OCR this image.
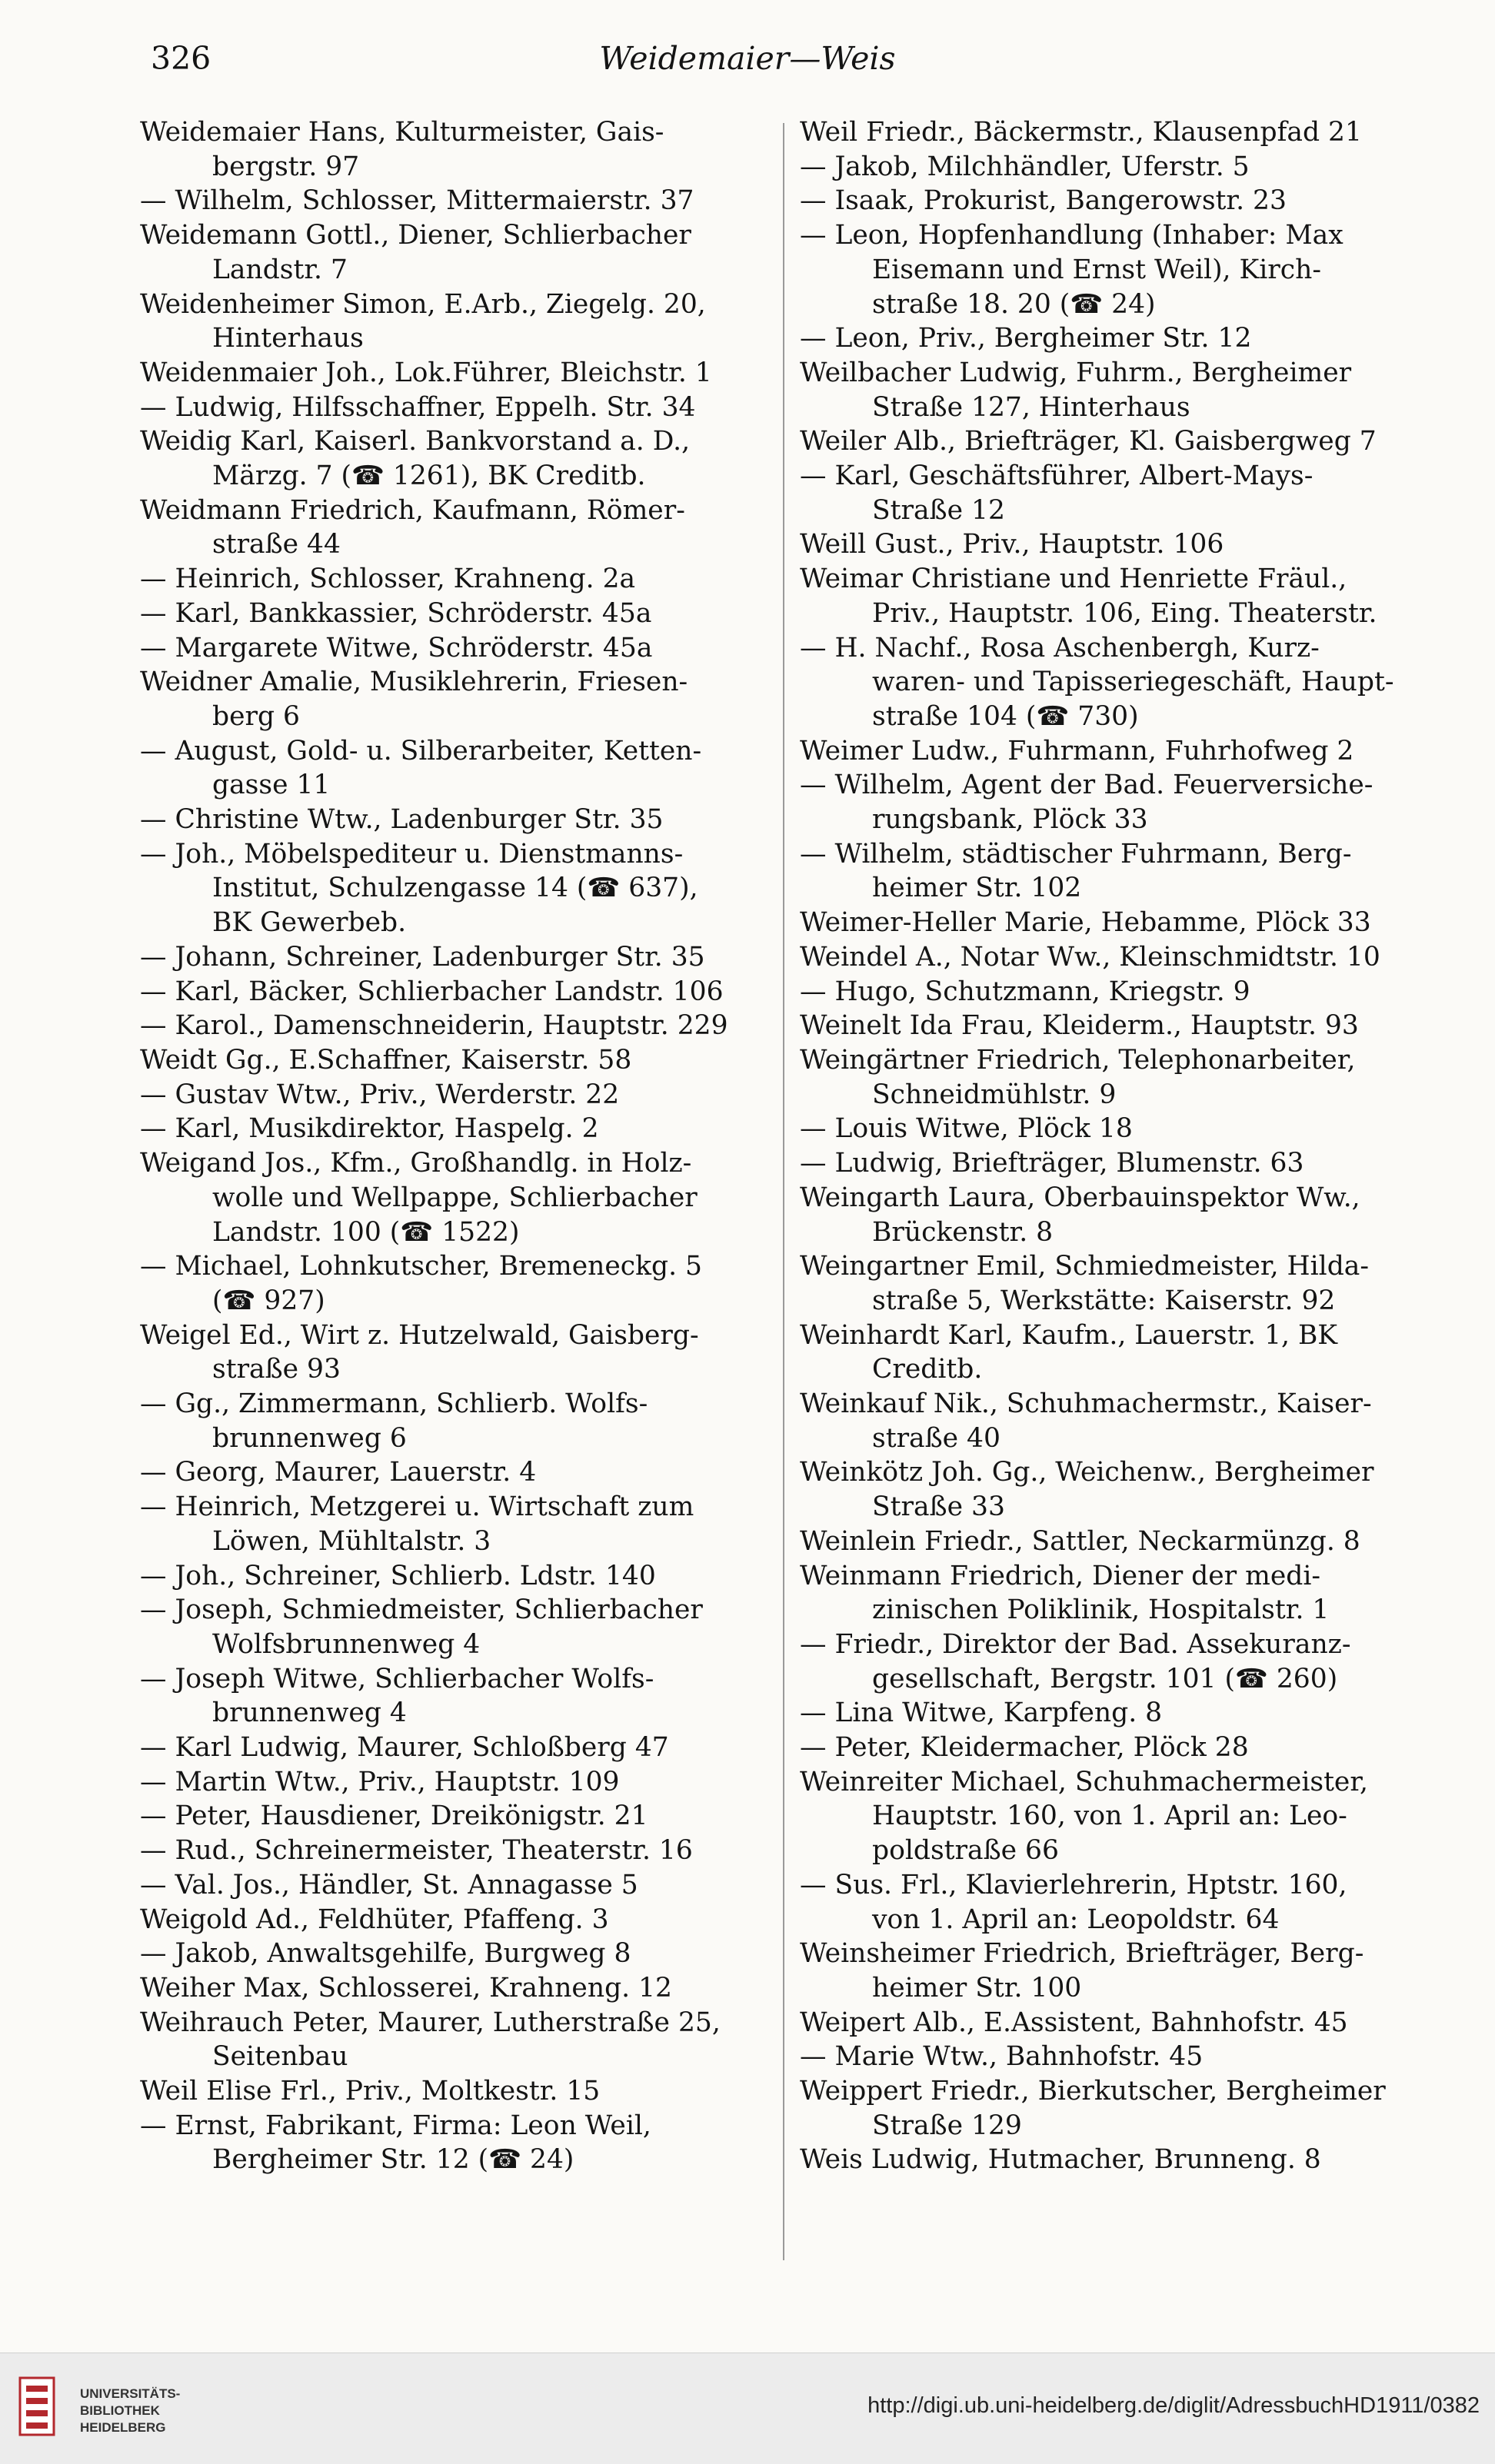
326	Weidemaier—Weis
Weidemaier Hans, Kulturmeister, Gais-
bergstr. 97
— Wilhelm, Schlosser, Mittermaierstr. 37
Weidemann Gottl., Diener, Schlierbacher
Landstr. 7
Weidenheimer Simon, E.Arb., Ziegelg. 20,
Hinterhaus
Weidenmaier Joh., Lok.Führer, Bleichstr. 1
— Ludwig, Hilfsschaffner, Eppelh. Str. 34
Weidig Karl, Kaiserl. Bankvorstand a. D.,
Märzg. 7 (☎ 1261), BK Creditb.
Weidmann Friedrich, Kaufmann, Römer-
straße 44
— Heinrich, Schlosser, Krahneng. 2a
— Karl, Bankkassier, Schröderstr. 45a
— Margarete Witwe, Schröderstr. 45a
Weidner Amalie, Musiklehrerin, Friesen-
berg 6
— August, Gold- u. Silberarbeiter, Ketten-
gasse 11
— Christine Wtw., Ladenburger Str. 35
— Joh., Möbelspediteur u. Dienstmanns-
Institut, Schulzengasse 14 (☎ 637),
BK Gewerbeb.
— Johann, Schreiner, Ladenburger Str. 35
— Karl, Bäcker, Schlierbacher Landstr. 106
— Karol., Damenschneiderin, Hauptstr. 229
Weidt Gg., E.Schaffner, Kaiserstr. 58
— Gustav Wtw., Priv., Werderstr. 22
— Karl, Musikdirektor, Haspelg. 2
Weigand Jos., Kfm., Großhandlg. in Holz-
wolle und Wellpappe, Schlierbacher
Landstr. 100 (☎ 1522)
— Michael, Lohnkutscher, Bremeneckg. 5
(☎ 927)
Weigel Ed., Wirt z. Hutzelwald, Gaisberg-
straße 93
— Gg., Zimmermann, Schlierb. Wolfs-
brunnenweg 6
— Georg, Maurer, Lauerstr. 4
— Heinrich, Metzgerei u. Wirtschaft zum
Löwen, Mühltalstr. 3
— Joh., Schreiner, Schlierb. Ldstr. 140
— Joseph, Schmiedmeister, Schlierbacher
Wolfsbrunnenweg 4
— Joseph Witwe, Schlierbacher Wolfs-
brunnenweg 4
— Karl Ludwig, Maurer, Schloßberg 47
— Martin Wtw., Priv., Hauptstr. 109
— Peter, Hausdiener, Dreikönigstr. 21
— Rud., Schreinermeister, Theaterstr. 16
— Val. Jos., Händler, St. Annagasse 5
Weigold Ad., Feldhüter, Pfaffeng. 3
— Jakob, Anwaltsgehilfe, Burgweg 8
Weiher Max, Schlosserei, Krahneng. 12
Weihrauch Peter, Maurer, Lutherstraße 25,
Seitenbau
Weil Elise Frl., Priv., Moltkestr. 15
— Ernst, Fabrikant, Firma: Leon Weil,
Bergheimer Str. 12 (☎ 24)
Weil Friedr., Bäckermstr., Klausenpfad 21
— Jakob, Milchhändler, Uferstr. 5
— Isaak, Prokurist, Bangerowstr. 23
— Leon, Hopfenhandlung (Inhaber: Max
Eisemann und Ernst Weil), Kirch-
straße 18. 20 (☎ 24)
— Leon, Priv., Bergheimer Str. 12
Weilbacher Ludwig, Fuhrm., Bergheimer
Straße 127, Hinterhaus
Weiler Alb., Briefträger, Kl. Gaisbergweg 7
— Karl, Geschäftsführer, Albert-Mays-
Straße 12
Weill Gust., Priv., Hauptstr. 106
Weimar Christiane und Henriette Fräul.,
Priv., Hauptstr. 106, Eing. Theaterstr.
— H. Nachf., Rosa Aschenbergh, Kurz-
waren- und Tapisseriegeschäft, Haupt-
straße 104 (☎ 730)
Weimer Ludw., Fuhrmann, Fuhrhofweg 2
— Wilhelm, Agent der Bad. Feuerversiche-
rungsbank, Plöck 33
— Wilhelm, städtischer Fuhrmann, Berg-
heimer Str. 102
Weimer-Heller Marie, Hebamme, Plöck 33
Weindel A., Notar Ww., Kleinschmidtstr. 10
— Hugo, Schutzmann, Kriegstr. 9
Weinelt Ida Frau, Kleiderm., Hauptstr. 93
Weingärtner Friedrich, Telephonarbeiter,
Schneidmühlstr. 9
— Louis Witwe, Plöck 18
— Ludwig, Briefträger, Blumenstr. 63
Weingarth Laura, Oberbauinspektor Ww.,
Brückenstr. 8
Weingartner Emil, Schmiedmeister, Hilda-
straße 5, Werkstätte: Kaiserstr. 92
Weinhardt Karl, Kaufm., Lauerstr. 1, BK
Creditb.
Weinkauf Nik., Schuhmachermstr., Kaiser-
straße 40
Weinkötz Joh. Gg., Weichenw., Bergheimer
Straße 33
Weinlein Friedr., Sattler, Neckarmünzg. 8
Weinmann Friedrich, Diener der medi-
zinischen Poliklinik, Hospitalstr. 1
— Friedr., Direktor der Bad. Assekuranz-
gesellschaft, Bergstr. 101 (☎ 260)
— Lina Witwe, Karpfeng. 8
— Peter, Kleidermacher, Plöck 28
Weinreiter Michael, Schuhmachermeister,
Hauptstr. 160, von 1. April an: Leo-
poldstraße 66
— Sus. Frl., Klavierlehrerin, Hptstr. 160,
von 1. April an: Leopoldstr. 64
Weinsheimer Friedrich, Briefträger, Berg-
heimer Str. 100
Weipert Alb., E.Assistent, Bahnhofstr. 45
— Marie Wtw., Bahnhofstr. 45
Weippert Friedr., Bierkutscher, Bergheimer
Straße 129
Weis Ludwig, Hutmacher, Brunneng. 8
UNIVERSITÄTS-
BIBLIOTHEK
HEIDELBERG
http://digi.ub.uni-heidelberg.de/diglit/AdressbuchHD1911/0382
